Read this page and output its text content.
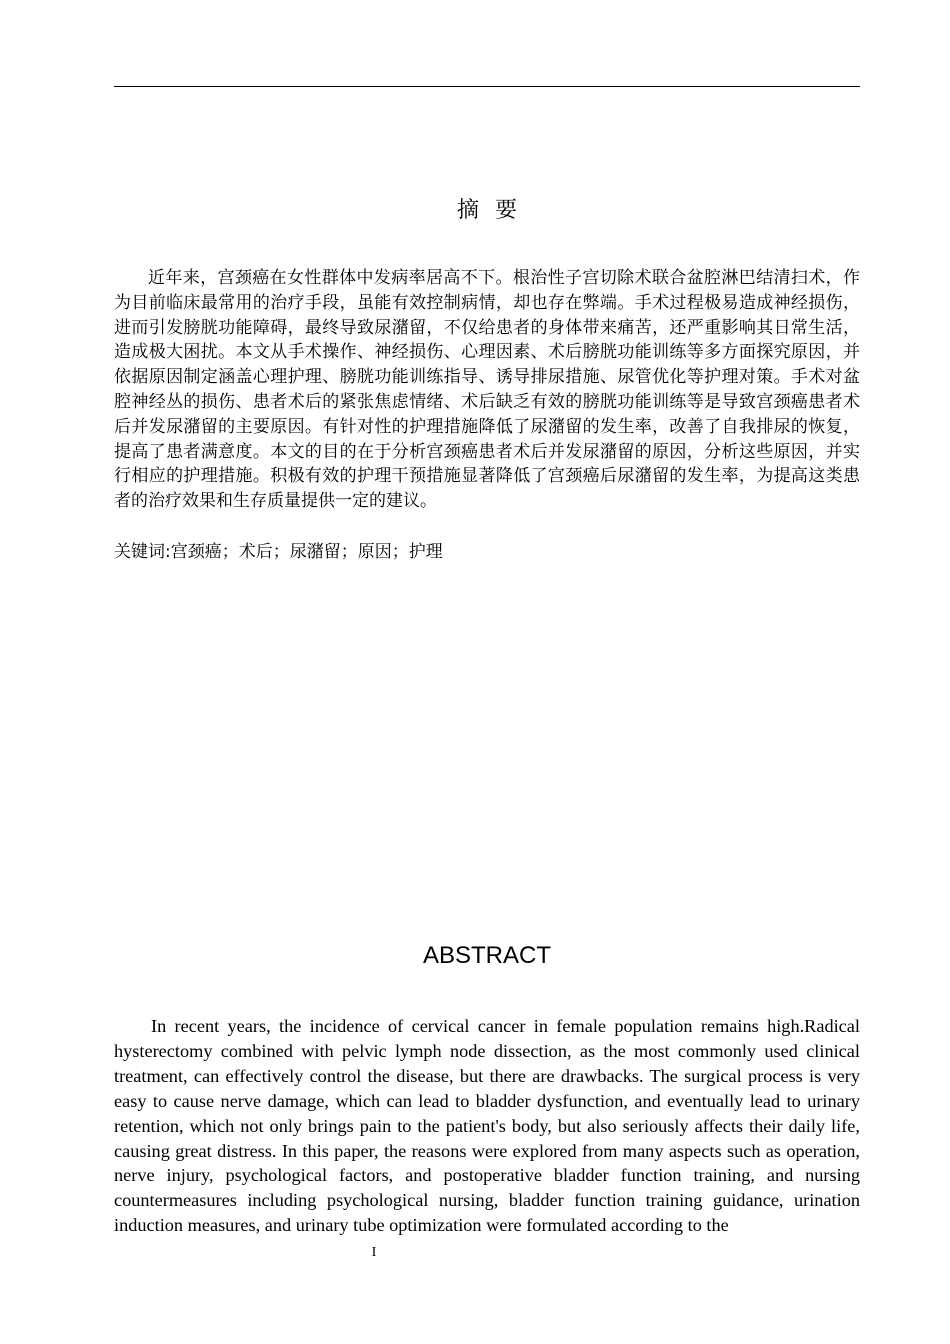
摘要

近年来，宫颈癌在女性群体中发病率居高不下。根治性子宫切除术联合盆腔淋巴结清扫术，作为目前临床最常用的治疗手段，虽能有效控制病情，却也存在弊端。手术过程极易造成神经损伤，进而引发膀胱功能障碍，最终导致尿潴留，不仅给患者的身体带来痛苦，还严重影响其日常生活，造成极大困扰。本文从手术操作、神经损伤、心理因素、术后膀胱功能训练等多方面探究原因，并依据原因制定涵盖心理护理、膀胱功能训练指导、诱导排尿措施、尿管优化等护理对策。手术对盆腔神经丛的损伤、患者术后的紧张焦虑情绪、术后缺乏有效的膀胱功能训练等是导致宫颈癌患者术后并发尿潴留的主要原因。有针对性的护理措施降低了尿潴留的发生率，改善了自我排尿的恢复，提高了患者满意度。本文的目的在于分析宫颈癌患者术后并发尿潴留的原因，分析这些原因，并实行相应的护理措施。积极有效的护理干预措施显著降低了宫颈癌后尿潴留的发生率，为提高这类患者的治疗效果和生存质量提供一定的建议。

关键词:宫颈癌；术后；尿潴留；原因；护理
ABSTRACT

In recent years, the incidence of cervical cancer in female population remains high.Radical hysterectomy combined with pelvic lymph node dissection, as the most commonly used clinical treatment, can effectively control the disease, but there are drawbacks. The surgical process is very easy to cause nerve damage, which can lead to bladder dysfunction, and eventually lead to urinary retention, which not only brings pain to the patient's body, but also seriously affects their daily life, causing great distress. In this paper, the reasons were explored from many aspects such as operation, nerve injury, psychological factors, and postoperative bladder function training, and nursing countermeasures including psychological nursing, bladder function training guidance, urination induction measures, and urinary tube optimization were formulated according to the

I
